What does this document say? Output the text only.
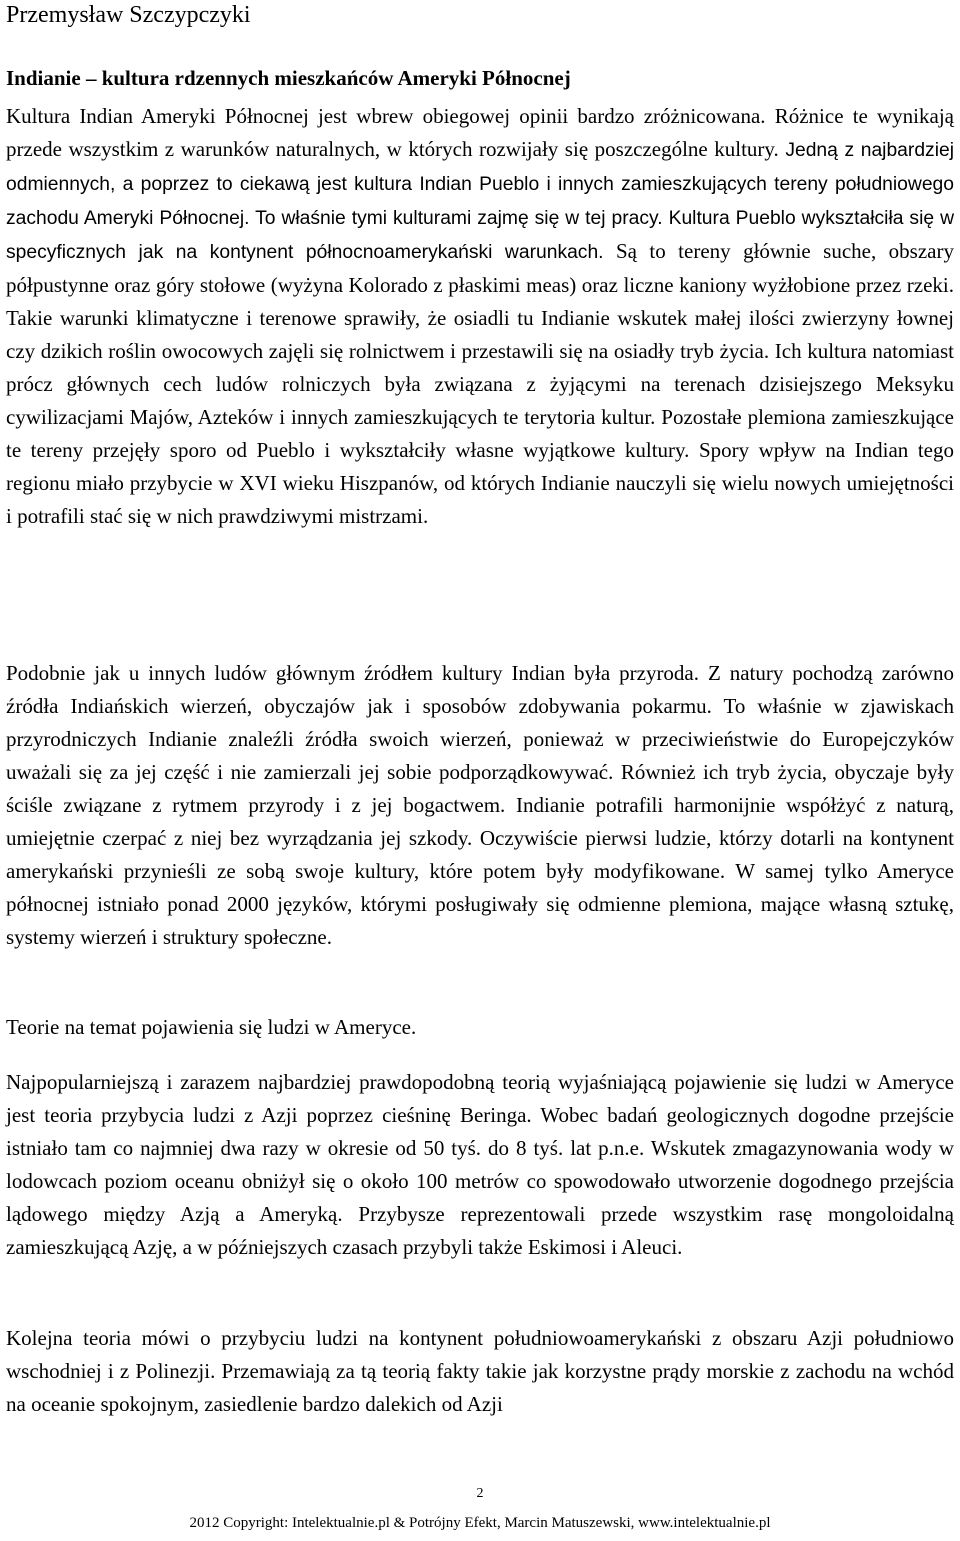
Przemysław Szczypczyki
Indianie – kultura rdzennych mieszkańców Ameryki Północnej

Kultura Indian Ameryki Północnej jest wbrew obiegowej opinii bardzo zróżnicowana. Różnice te wynikają przede wszystkim z warunków naturalnych, w których rozwijały się poszczególne kultury. Jedną z najbardziej odmiennych, a poprzez to ciekawą jest kultura Indian Pueblo i innych zamieszkujących tereny południowego zachodu Ameryki Północnej. To właśnie tymi kulturami zajmę się w tej pracy. Kultura Pueblo wykształciła się w specyficznych jak na kontynent północnoamerykański warunkach. Są to tereny głównie suche, obszary półpustynne oraz góry stołowe (wyżyna Kolorado z płaskimi meas) oraz liczne kaniony wyżłobione przez rzeki. Takie warunki klimatyczne i terenowe sprawiły, że osiadli tu Indianie wskutek małej ilości zwierzyny łownej czy dzikich roślin owocowych zajęli się rolnictwem i przestawili się na osiadły tryb życia. Ich kultura natomiast prócz głównych cech ludów rolniczych była związana z żyjącymi na terenach dzisiejszego Meksyku cywilizacjami Majów, Azteków i innych zamieszkujących te terytoria kultur. Pozostałe plemiona zamieszkujące te tereny przejęły sporo od Pueblo i wykształciły własne wyjątkowe kultury. Spory wpływ na Indian tego regionu miało przybycie w XVI wieku Hiszpanów, od których Indianie nauczyli się wielu nowych umiejętności i potrafili stać się w nich prawdziwymi mistrzami.

Podobnie jak u innych ludów głównym źródłem kultury Indian była przyroda. Z natury pochodzą zarówno źródła Indiańskich wierzeń, obyczajów jak i sposobów zdobywania pokarmu. To właśnie w zjawiskach przyrodniczych Indianie znaleźli źródła swoich wierzeń, ponieważ w przeciwieństwie do Europejczyków uważali się za jej część i nie zamierzali jej sobie podporządkowywać. Również ich tryb życia, obyczaje były ściśle związane z rytmem przyrody i z jej bogactwem. Indianie potrafili harmonijnie współżyć z naturą, umiejętnie czerpać z niej bez wyrządzania jej szkody. Oczywiście pierwsi ludzie, którzy dotarli na kontynent amerykański przynieśli ze sobą swoje kultury, które potem były modyfikowane. W samej tylko Ameryce północnej istniało ponad 2000 języków, którymi posługiwały się odmienne plemiona, mające własną sztukę, systemy wierzeń i struktury społeczne.

Teorie na temat pojawienia się ludzi w Ameryce.

Najpopularniejszą i zarazem najbardziej prawdopodobną teorią wyjaśniającą pojawienie się ludzi w Ameryce jest teoria przybycia ludzi z Azji poprzez cieśninę Beringa. Wobec badań geologicznych dogodne przejście istniało tam co najmniej dwa razy w okresie od 50 tyś. do 8 tyś. lat p.n.e. Wskutek zmagazynowania wody w lodowcach poziom oceanu obniżył się o około 100 metrów co spowodowało utworzenie dogodnego przejścia lądowego między Azją a Ameryką. Przybysze reprezentowali przede wszystkim rasę mongoloidalną zamieszkującą Azję, a w późniejszych czasach przybyli także Eskimosi i Aleuci.

Kolejna teoria mówi o przybyciu ludzi na kontynent południowoamerykański z obszaru Azji południowo wschodniej i z Polinezji. Przemawiają za tą teorią fakty takie jak korzystne prądy morskie z zachodu na wchód na oceanie spokojnym, zasiedlenie bardzo dalekich od Azji

2
2012 Copyright: Intelektualnie.pl & Potrójny Efekt, Marcin Matuszewski, www.intelektualnie.pl
